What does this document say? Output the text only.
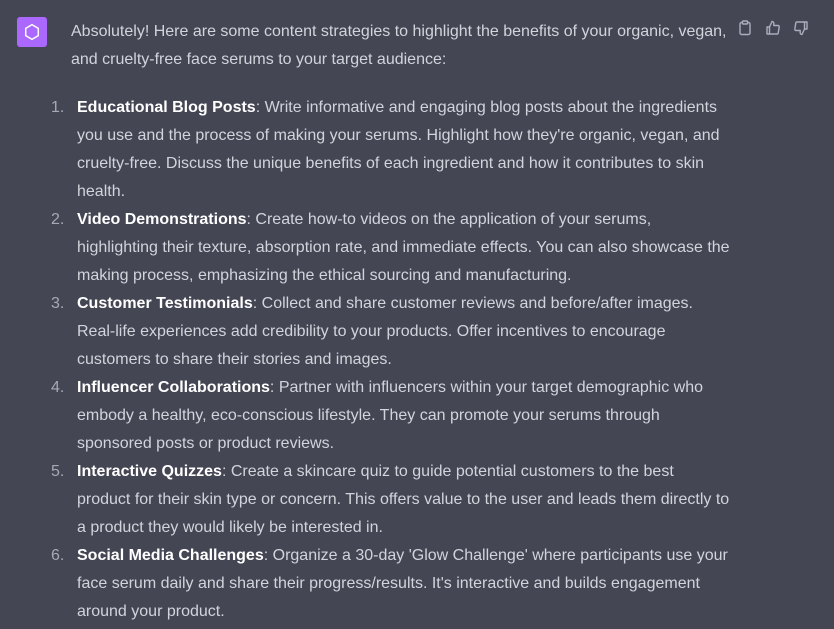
Absolutely! Here are some content strategies to highlight the benefits of your organic, vegan, and cruelty-free face serums to your target audience:

1. Educational Blog Posts: Write informative and engaging blog posts about the ingredients you use and the process of making your serums. Highlight how they're organic, vegan, and cruelty-free. Discuss the unique benefits of each ingredient and how it contributes to skin health.
2. Video Demonstrations: Create how-to videos on the application of your serums, highlighting their texture, absorption rate, and immediate effects. You can also showcase the making process, emphasizing the ethical sourcing and manufacturing.
3. Customer Testimonials: Collect and share customer reviews and before/after images. Real-life experiences add credibility to your products. Offer incentives to encourage customers to share their stories and images.
4. Influencer Collaborations: Partner with influencers within your target demographic who embody a healthy, eco-conscious lifestyle. They can promote your serums through sponsored posts or product reviews.
5. Interactive Quizzes: Create a skincare quiz to guide potential customers to the best product for their skin type or concern. This offers value to the user and leads them directly to a product they would likely be interested in.
6. Social Media Challenges: Organize a 30-day 'Glow Challenge' where participants use your face serum daily and share their progress/results. It's interactive and builds engagement around your product.
